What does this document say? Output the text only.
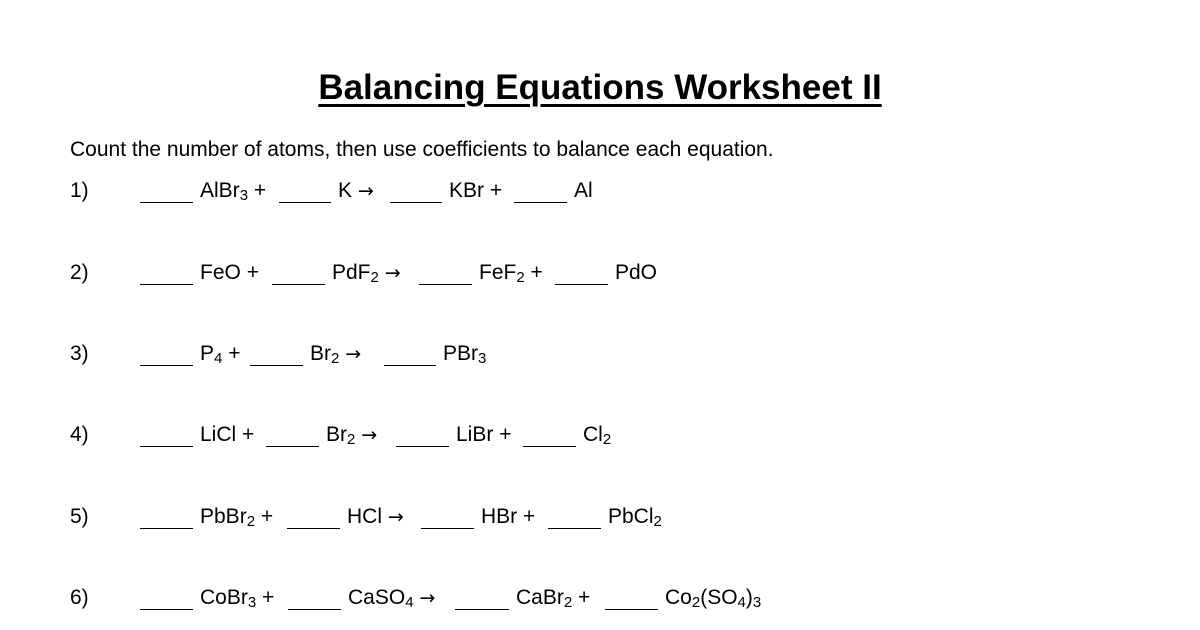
Balancing Equations Worksheet II
Count the number of atoms, then use coefficients to balance each equation.
1)	AlBr$_3$ +	K →	KBr +	Al
2)	FeO +	PdF$_2$ →	FeF$_2$ +	PdO
3)	$P_4$ +	$Br_2$ →	PBr$_3$
4)	LiCl +	$Br_2$ →	LiBr +	$Cl_2$
5)	PbBr$_2$ +	HCl →	HBr +	PbCl$_2$
6)	CoBr$_3$ +	CaSO$_4$ →	CaBr$_2$ +	$Co_2(SO_4)_3$
